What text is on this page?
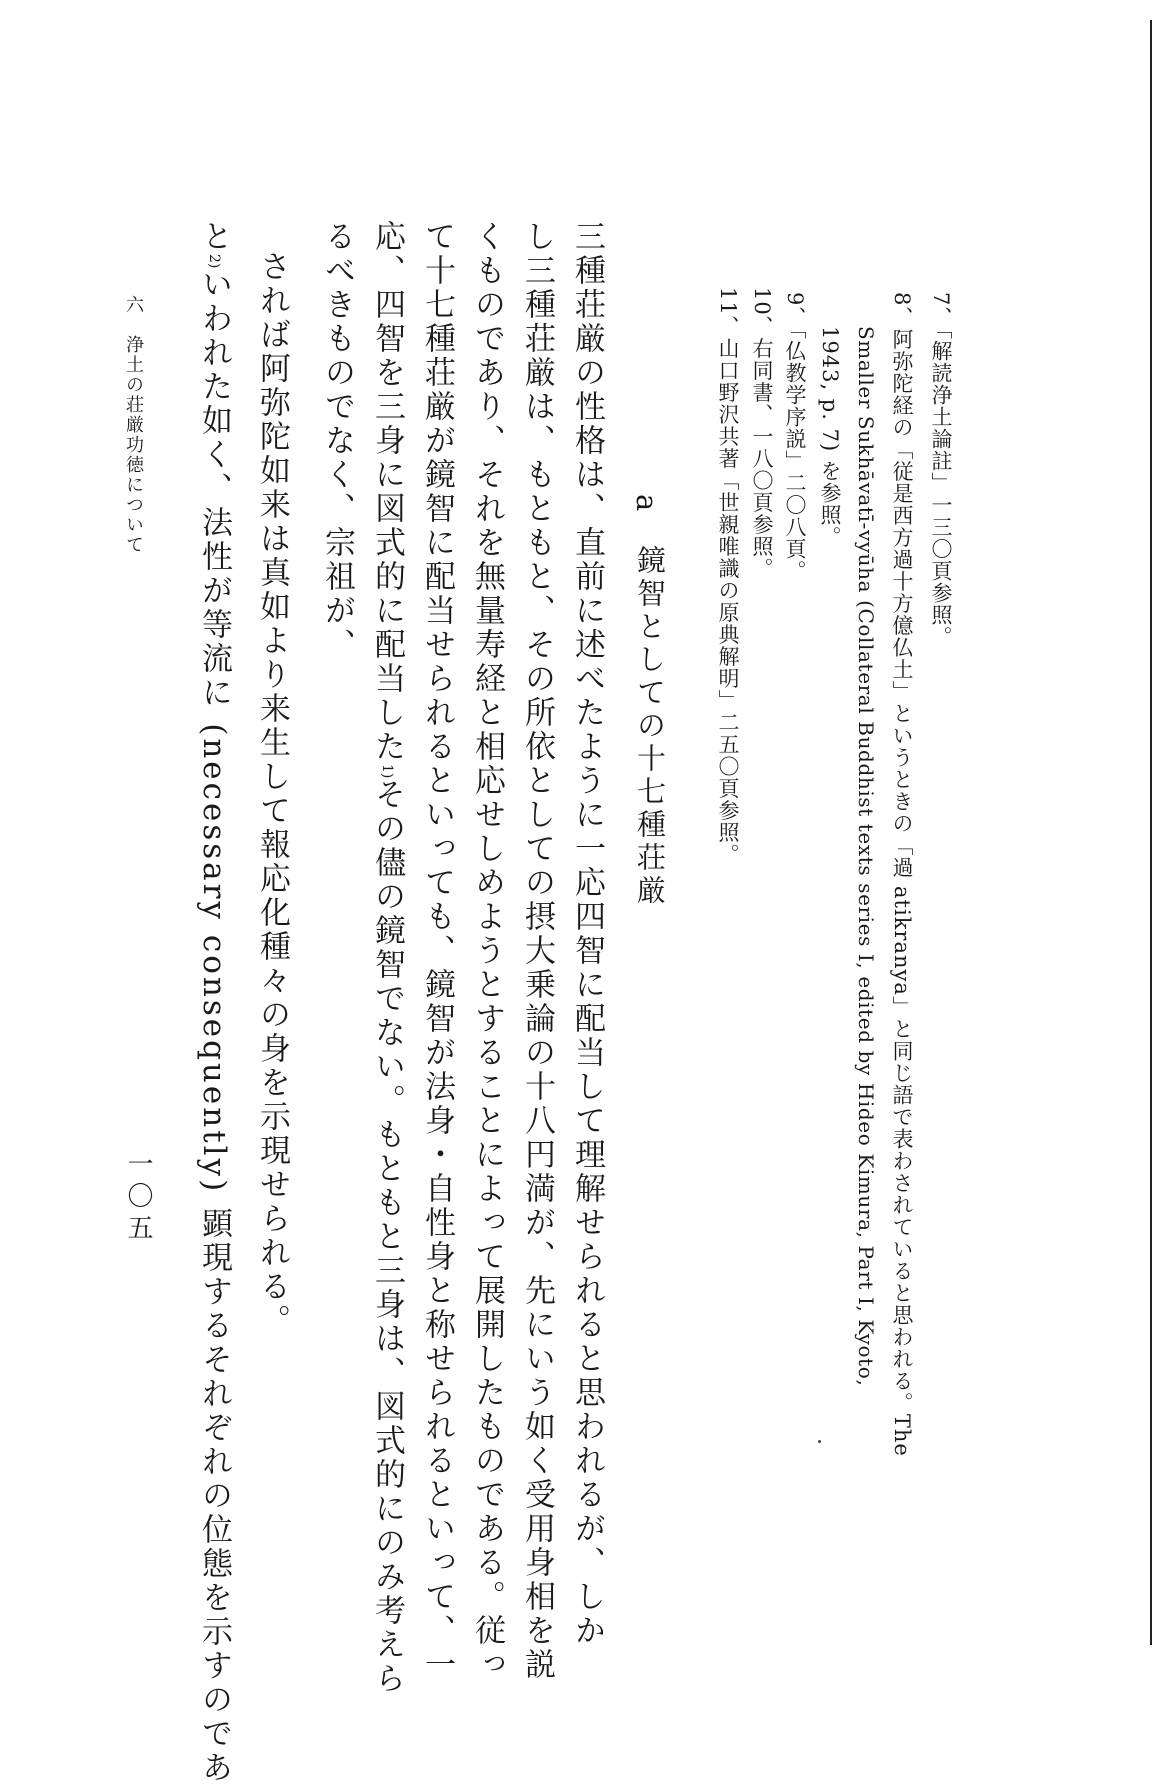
7、「解読浄土論註」一三〇頁参照。
8、阿弥陀経の「従是西方過十方億仏土」というときの「過 atikranya」と同じ語で表わされていると思われる。The
Smaller Sukhāvatī-vyūha (Collateral Buddhist texts series I, edited by Hideo Kimura, Part I, Kyoto,
1943, p. 7) を参照。
9、「仏教学序説」二〇八頁。
10、右同書、一八〇頁参照。
11、山口野沢共著「世親唯識の原典解明」二五〇頁参照。
a
鏡智としての十七種荘厳
三種荘厳の性格は、直前に述べたように一応四智に配当して理解せられると思われるが、しか
し三種荘厳は、もともと、その所依としての摂大乗論の十八円満が、先にいう如く受用身相を説
くものであり、それを無量寿経と相応せしめようとすることによって展開したものである。従っ
て十七種荘厳が鏡智に配当せられるといっても、鏡智が法身・自性身と称せられるといって、一
応、四智を三身に図式的に配当した1)その儘の鏡智でない。もともと三身は、図式的にのみ考えら
るべきものでなく、宗祖が、
されば阿弥陀如来は真如より来生して報応化種々の身を示現せられる。
と2)いわれた如く、法性が等流に (necessary consequently) 顕現するそれぞれの位態を示すのであ
六　浄土の荘厳功徳について
一〇五
